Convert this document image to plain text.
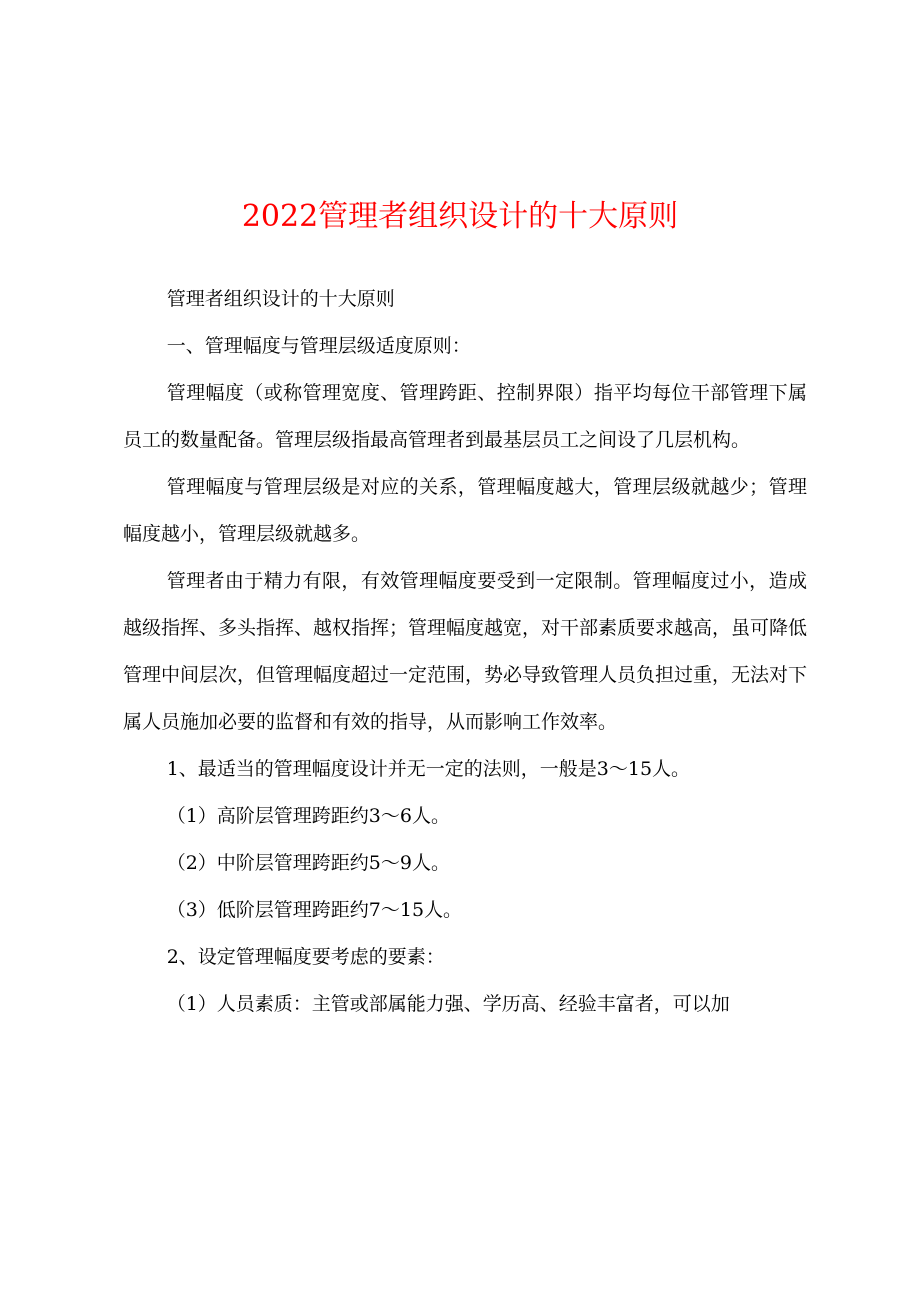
2022管理者组织设计的十大原则

管理者组织设计的十大原则

一、管理幅度与管理层级适度原则：

管理幅度（或称管理宽度、管理跨距、控制界限）指平均每位干部管理下属员工的数量配备。管理层级指最高管理者到最基层员工之间设了几层机构。

管理幅度与管理层级是对应的关系，管理幅度越大，管理层级就越少；管理幅度越小，管理层级就越多。

管理者由于精力有限，有效管理幅度要受到一定限制。管理幅度过小，造成越级指挥、多头指挥、越权指挥；管理幅度越宽，对干部素质要求越高，虽可降低管理中间层次，但管理幅度超过一定范围，势必导致管理人员负担过重，无法对下属人员施加必要的监督和有效的指导，从而影响工作效率。

1、最适当的管理幅度设计并无一定的法则，一般是3～15人。

（1）高阶层管理跨距约3～6人。

（2）中阶层管理跨距约5～9人。

（3）低阶层管理跨距约7～15人。

2、设定管理幅度要考虑的要素：

（1）人员素质：主管或部属能力强、学历高、经验丰富者，可以加
